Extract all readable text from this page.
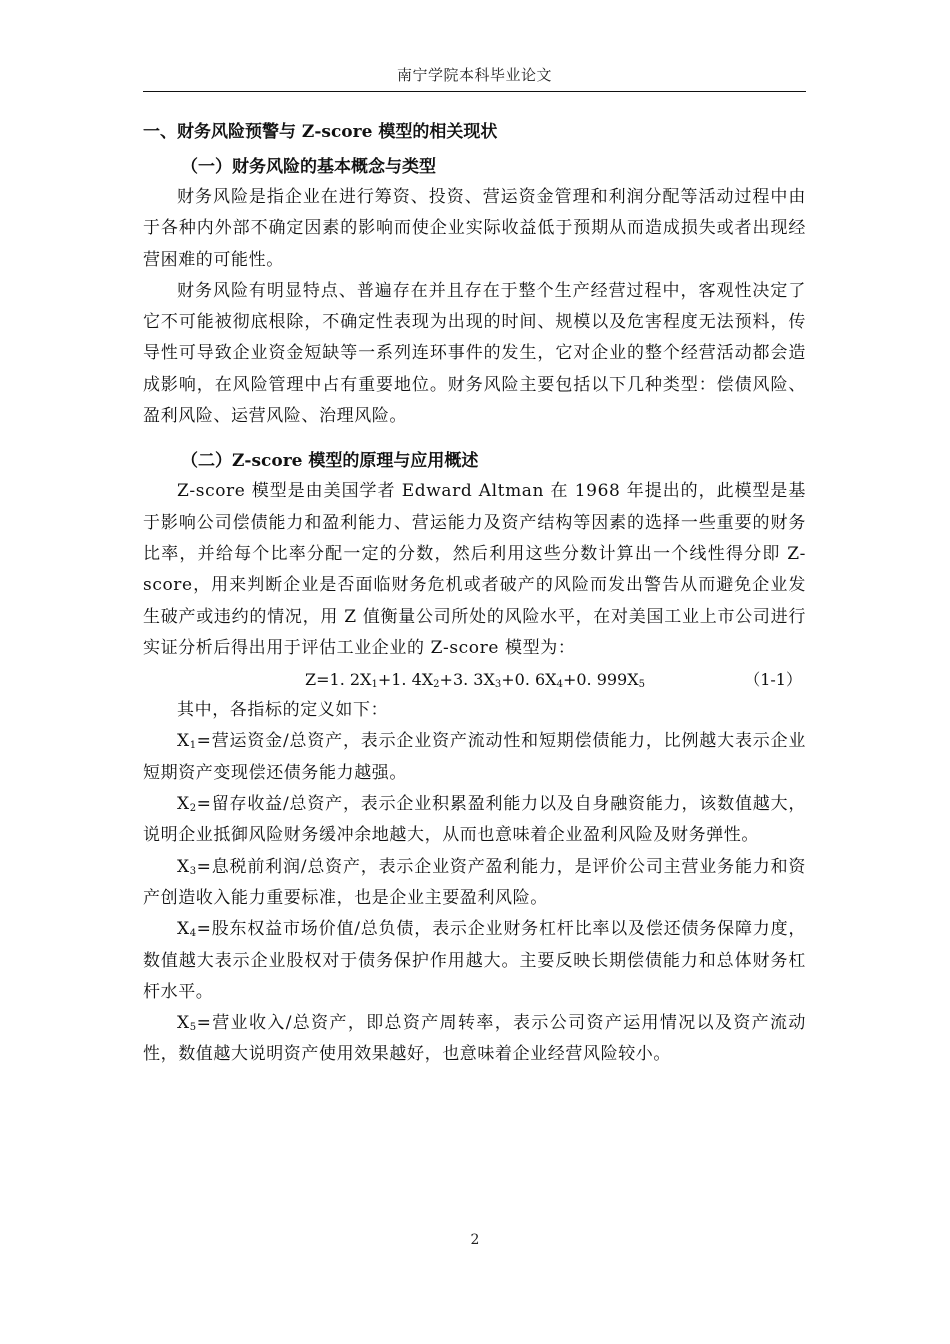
南宁学院本科毕业论文
一、财务风险预警与 Z-score 模型的相关现状
（一）财务风险的基本概念与类型

财务风险是指企业在进行筹资、投资、营运资金管理和利润分配等活动过程中由于各种内外部不确定因素的影响而使企业实际收益低于预期从而造成损失或者出现经营困难的可能性。

财务风险有明显特点、普遍存在并且存在于整个生产经营过程中，客观性决定了它不可能被彻底根除，不确定性表现为出现的时间、规模以及危害程度无法预料，传导性可导致企业资金短缺等一系列连环事件的发生，它对企业的整个经营活动都会造成影响，在风险管理中占有重要地位。财务风险主要包括以下几种类型：偿债风险、盈利风险、运营风险、治理风险。

（二）Z-score 模型的原理与应用概述

Z-score 模型是由美国学者 Edward Altman 在 1968 年提出的，此模型是基于影响公司偿债能力和盈利能力、营运能力及资产结构等因素的选择一些重要的财务比率，并给每个比率分配一定的分数，然后利用这些分数计算出一个线性得分即 Z-score，用来判断企业是否面临财务危机或者破产的风险而发出警告从而避免企业发生破产或违约的情况，用 Z 值衡量公司所处的风险水平，在对美国工业上市公司进行实证分析后得出用于评估工业企业的 Z-score 模型为：

Z=1. $2X_1+1$. $4X_2+3$. $3X_3+0$. $6X_4+0$. $999X_5$	（1-1）

其中，各指标的定义如下：

$X_1=$营运资金/总资产，表示企业资产流动性和短期偿债能力，比例越大表示企业短期资产变现偿还债务能力越强。

$X_2=$留存收益/总资产，表示企业积累盈利能力以及自身融资能力，该数值越大，说明企业抵御风险财务缓冲余地越大，从而也意味着企业盈利风险及财务弹性。

$X_3=$息税前利润/总资产，表示企业资产盈利能力，是评价公司主营业务能力和资产创造收入能力重要标准，也是企业主要盈利风险。

$X_4=$股东权益市场价值/总负债，表示企业财务杠杆比率以及偿还债务保障力度，数值越大表示企业股权对于债务保护作用越大。主要反映长期偿债能力和总体财务杠杆水平。

$X_5=$营业收入/总资产，即总资产周转率，表示公司资产运用情况以及资产流动性，数值越大说明资产使用效果越好，也意味着企业经营风险较小。

2
